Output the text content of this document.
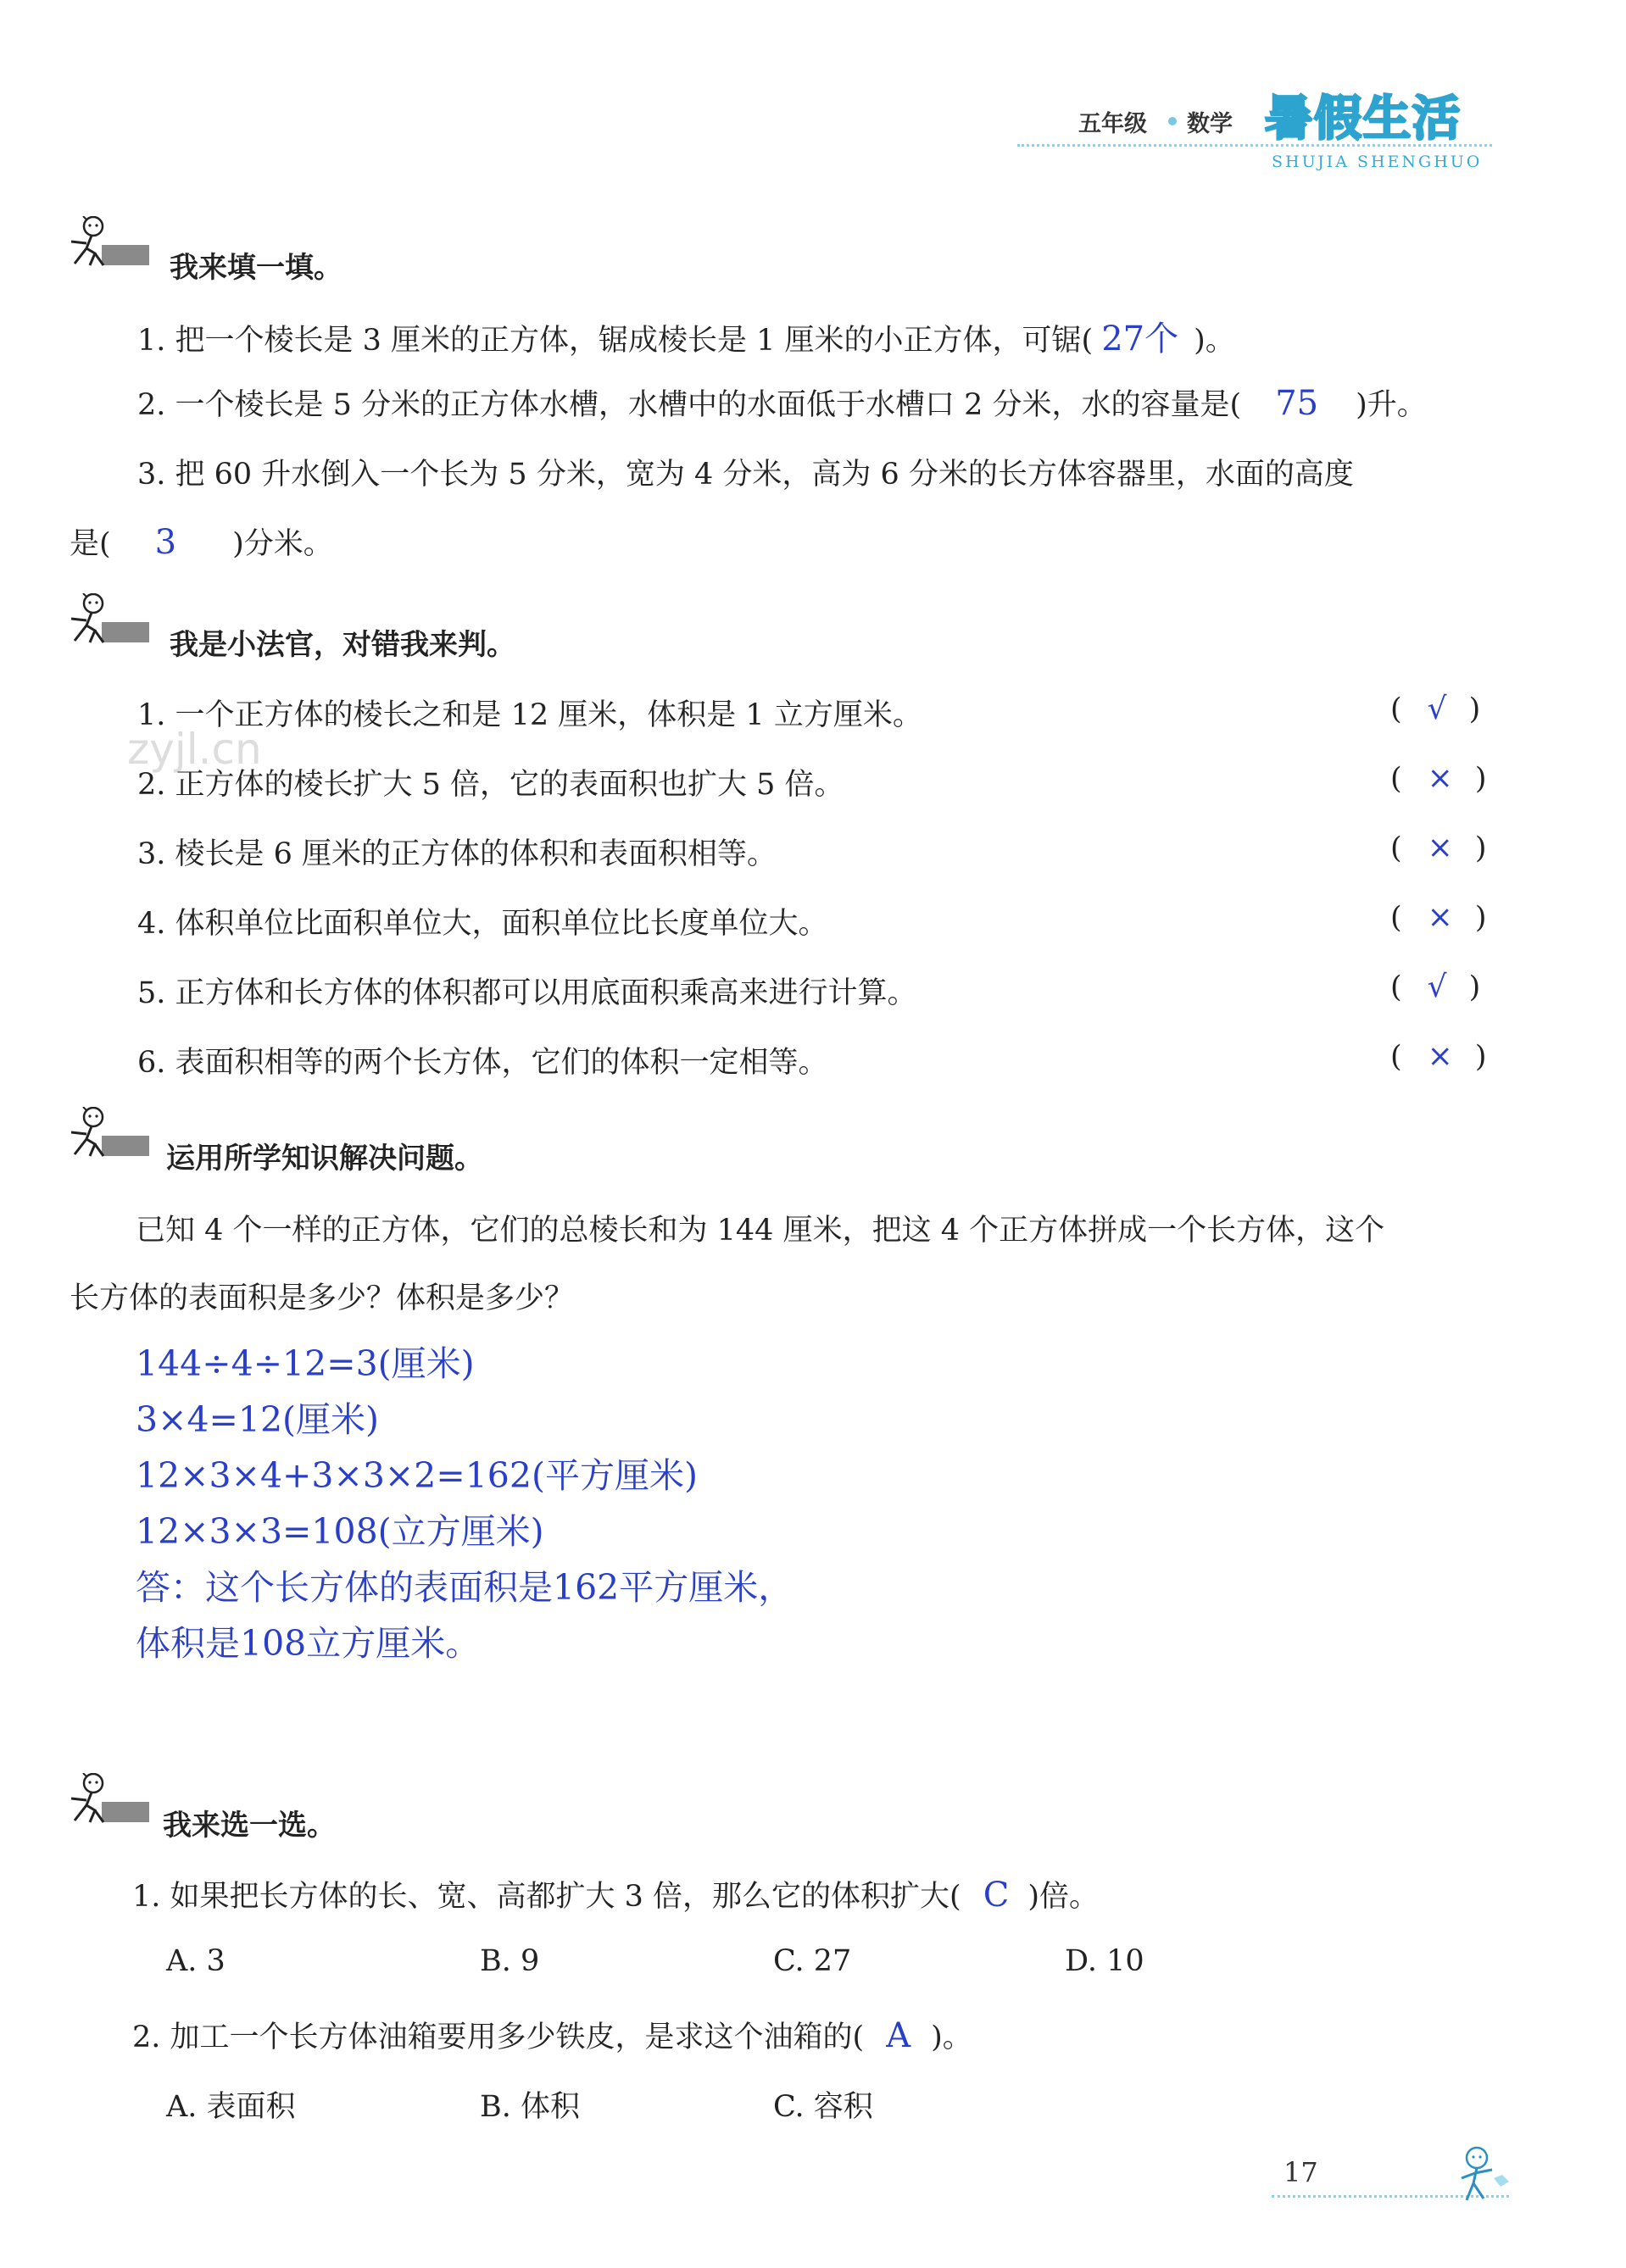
五年级 数学 暑假生活
SHUJIA SHENGHUO
zyjl.cn
我来填一填。
1. 把一个棱长是 3 厘米的正方体，锯成棱长是 1 厘米的小正方体，可锯( 27个 )。
2. 一个棱长是 5 分米的正方体水槽，水槽中的水面低于水槽口 2 分米，水的容量是( 75 )升。
3. 把 60 升水倒入一个长为 5 分米，宽为 4 分米，高为 6 分米的长方体容器里，水面的高度
是( 3 )分米。
我是小法官，对错我来判。
1. 一个正方体的棱长之和是 12 厘米，体积是 1 立方厘米。	( √ )
2. 正方体的棱长扩大 5 倍，它的表面积也扩大 5 倍。	( × )
3. 棱长是 6 厘米的正方体的体积和表面积相等。	( × )
4. 体积单位比面积单位大，面积单位比长度单位大。	( × )
5. 正方体和长方体的体积都可以用底面积乘高来进行计算。	( √ )
6. 表面积相等的两个长方体，它们的体积一定相等。	( × )
运用所学知识解决问题。
已知 4 个一样的正方体，它们的总棱长和为 144 厘米，把这 4 个正方体拼成一个长方体，这个
长方体的表面积是多少？体积是多少？
144÷4÷12=3(厘米)
3×4=12(厘米)
12×3×4+3×3×2=162(平方厘米)
12×3×3=108(立方厘米)
答：这个长方体的表面积是162平方厘米，
体积是108立方厘米。
我来选一选。
1. 如果把长方体的长、宽、高都扩大 3 倍，那么它的体积扩大( C )倍。
A. 3	B. 9	C. 27	D. 10
2. 加工一个长方体油箱要用多少铁皮，是求这个油箱的( A )。
A. 表面积	B. 体积	C. 容积
17
